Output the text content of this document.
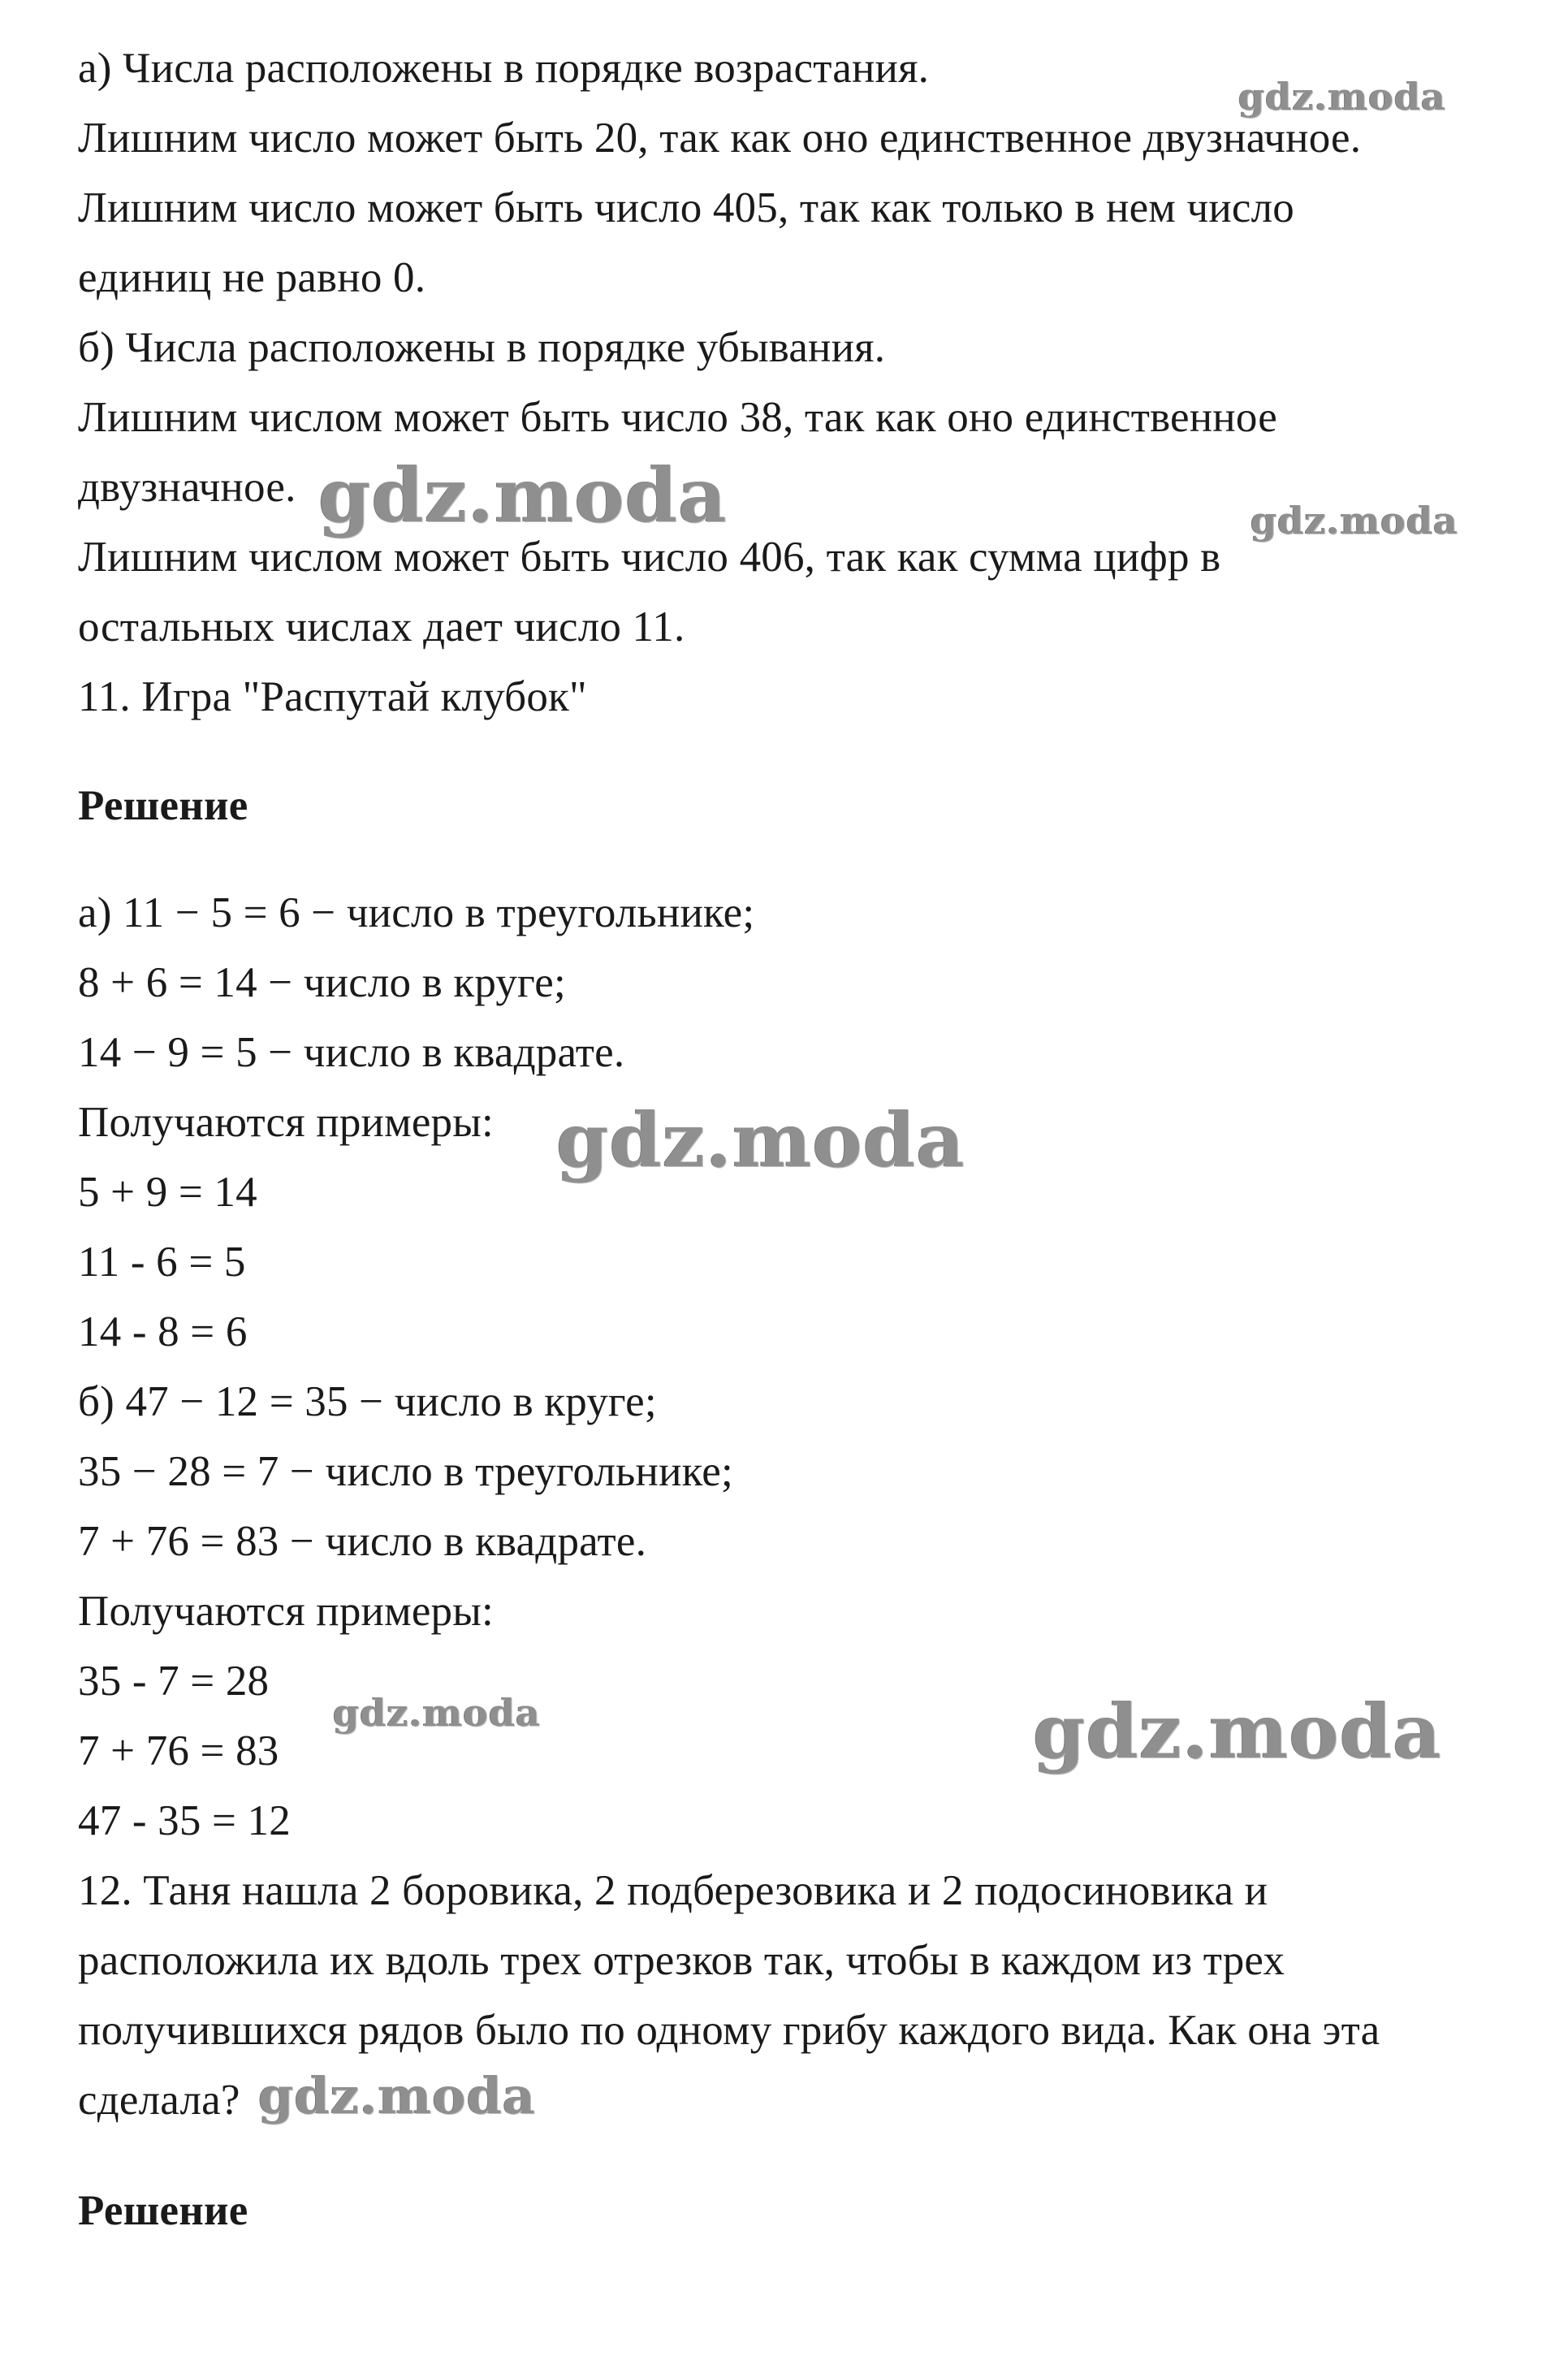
а) Числа расположены в порядке возрастания.
Лишним число может быть 20, так как оно единственное двузначное.
Лишним число может быть число 405, так как только в нем число
единиц не равно 0.
б) Числа расположены в порядке убывания.
Лишним числом может быть число 38, так как оно единственное
двузначное.
Лишним числом может быть число 406, так как сумма цифр в
остальных числах дает число 11.
11. Игра "Распутай клубок"
Решение
а) 11 − 5 = 6 − число в треугольнике;
8 + 6 = 14 − число в круге;
14 − 9 = 5 − число в квадрате.
Получаются примеры:
5 + 9 = 14
11 - 6 = 5
14 - 8 = 6
б) 47 − 12 = 35 − число в круге;
35 − 28 = 7 − число в треугольнике;
7 + 76 = 83 − число в квадрате.
Получаются примеры:
35 - 7 = 28
7 + 76 = 83
47 - 35 = 12
12. Таня нашла 2 боровика, 2 подберезовика и 2 подосиновика и
расположила их вдоль трех отрезков так, чтобы в каждом из трех
получившихся рядов было по одному грибу каждого вида. Как она эта
сделала?
Решение
gdz.moda
gdz.moda	gdz.moda
gdz.moda
gdz.moda	gdz.moda
gdz.moda
